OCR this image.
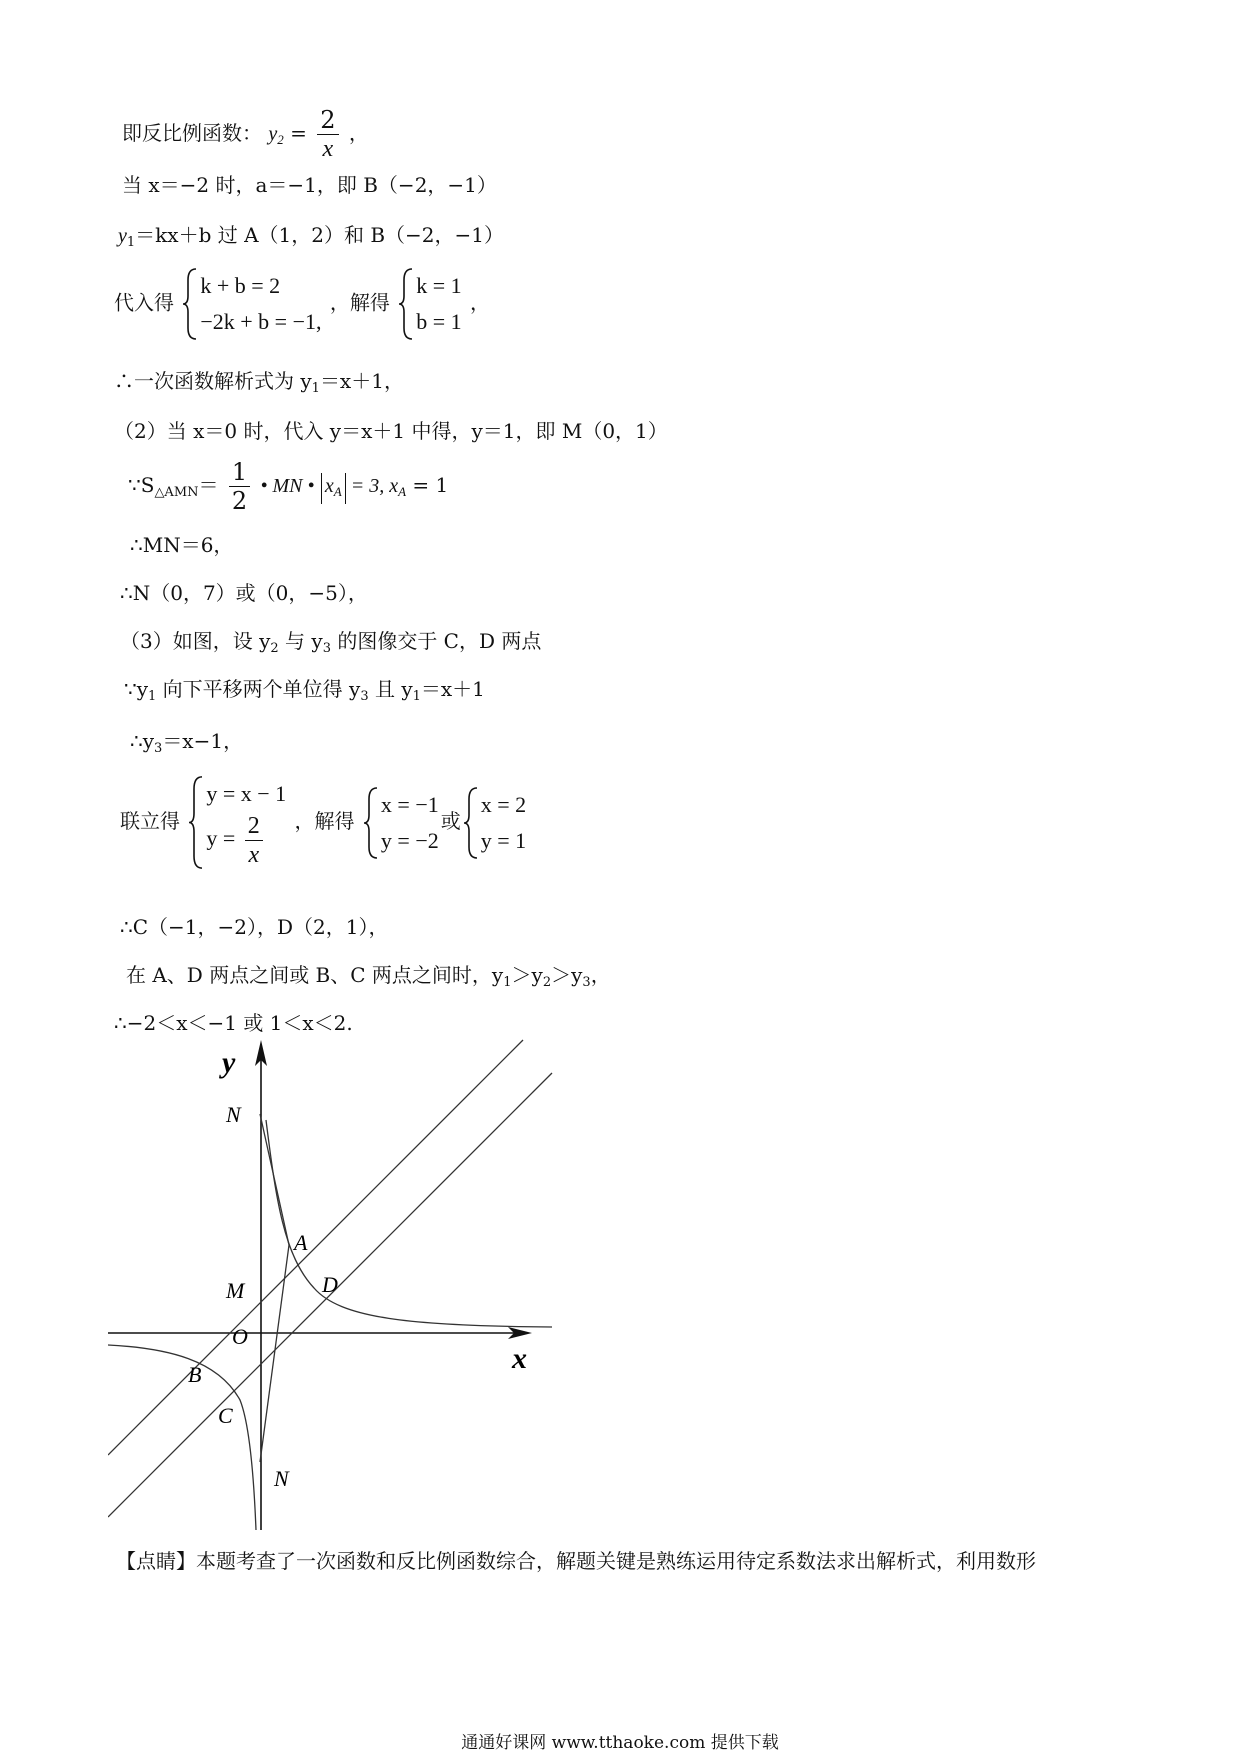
即反比例函数： $y_2 = \frac{2}{x}$ ，
当 x＝−2 时，a＝−1，即 B（−2，−1）
$y_1=kx+b$ 过 A（1，2）和 B（−2，−1）
代入得
k + b = 2
−2k + b = −1,
，解得
k = 1
b = 1
，
∴一次函数解析式为 $y_1=x+1$，
（2）当 x＝0 时，代入 y＝x＋1 中得，y＝1，即 M（0，1）
$\because S_{\triangle AMN}= \frac{1}{2}$ • MN • $x_A = 3$, $x_A = 1$
∴MN＝6，
∴N（0，7）或（0，−5），
（3）如图，设 $y_2$ 与 $y_3$ 的图像交于 C，D 两点
$\because y_1$ 向下平移两个单位得 $y_3$ 且 $y_1=x+1$
$\therefore y_3=x-1$，
联立得
y = x − 1
$y = \frac{2}{x}$ ，解得
x = −1
y = −2
或
x = 2
y = 1
∴C（−1，−2），D（2，1），
在 A、D 两点之间或 B、C 两点之间时，$y_1>y_2>y_3$，
∴−2＜x＜−1 或 1＜x＜2.
y
x
N
M
A
D
O
B
C
N
【点睛】本题考查了一次函数和反比例函数综合，解题关键是熟练运用待定系数法求出解析式，利用数形
通通好课网 www.tthaoke.com 提供下载
